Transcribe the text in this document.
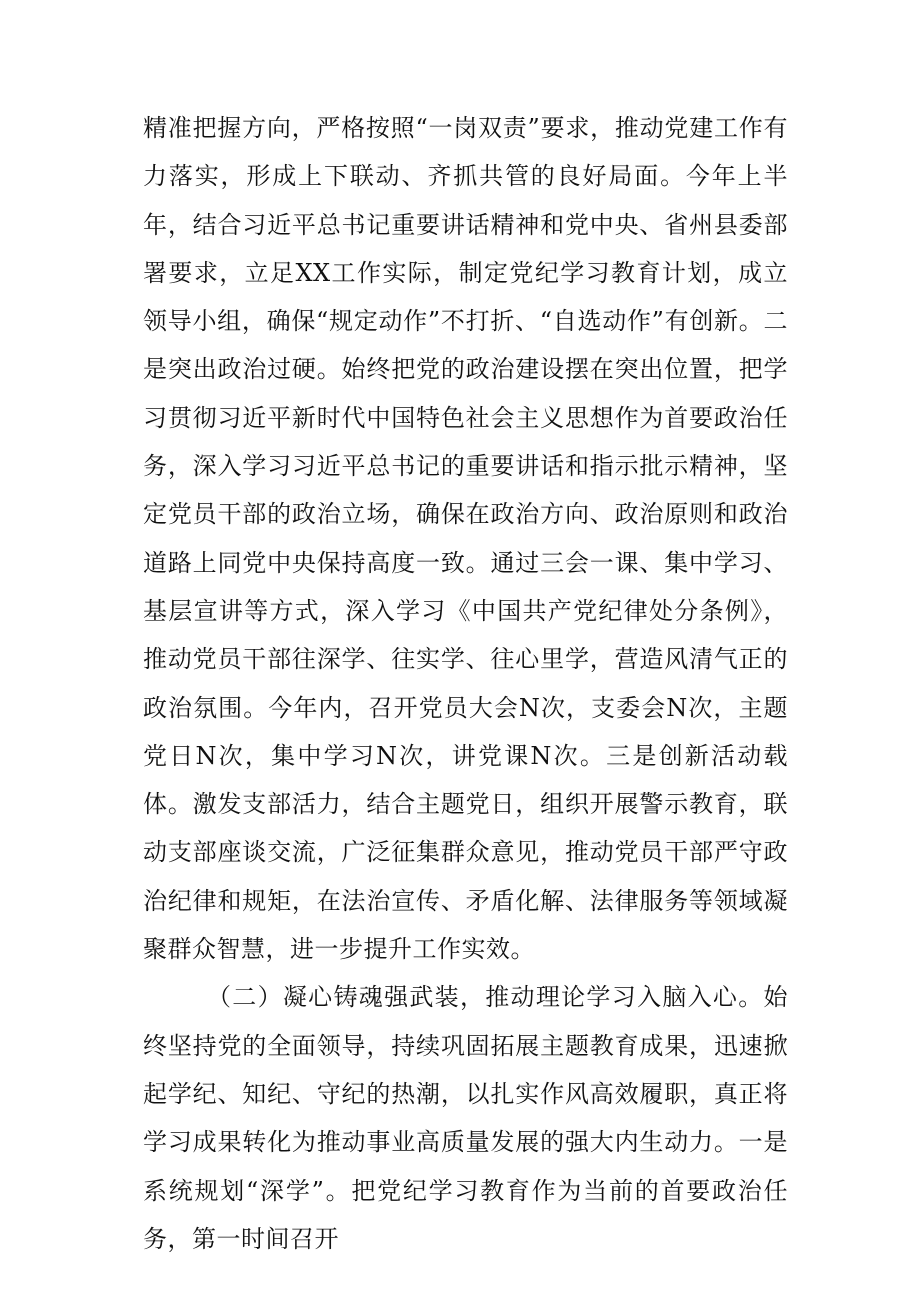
精准把握方向，严格按照“一岗双责”要求，推动党建工作有力落实，形成上下联动、齐抓共管的良好局面。今年上半年，结合习近平总书记重要讲话精神和党中央、省州县委部署要求，立足XX工作实际，制定党纪学习教育计划，成立领导小组，确保“规定动作”不打折、“自选动作”有创新。二是突出政治过硬。始终把党的政治建设摆在突出位置，把学习贯彻习近平新时代中国特色社会主义思想作为首要政治任务，深入学习习近平总书记的重要讲话和指示批示精神，坚定党员干部的政治立场，确保在政治方向、政治原则和政治道路上同党中央保持高度一致。通过三会一课、集中学习、基层宣讲等方式，深入学习《中国共产党纪律处分条例》，推动党员干部往深学、往实学、往心里学，营造风清气正的政治氛围。今年内，召开党员大会N次，支委会N次，主题党日N次，集中学习N次，讲党课N次。三是创新活动载体。激发支部活力，结合主题党日，组织开展警示教育，联动支部座谈交流，广泛征集群众意见，推动党员干部严守政治纪律和规矩，在法治宣传、矛盾化解、法律服务等领域凝聚群众智慧，进一步提升工作实效。

（二）凝心铸魂强武装，推动理论学习入脑入心。始终坚持党的全面领导，持续巩固拓展主题教育成果，迅速掀起学纪、知纪、守纪的热潮，以扎实作风高效履职，真正将学习成果转化为推动事业高质量发展的强大内生动力。一是系统规划“深学”。把党纪学习教育作为当前的首要政治任务，第一时间召开
